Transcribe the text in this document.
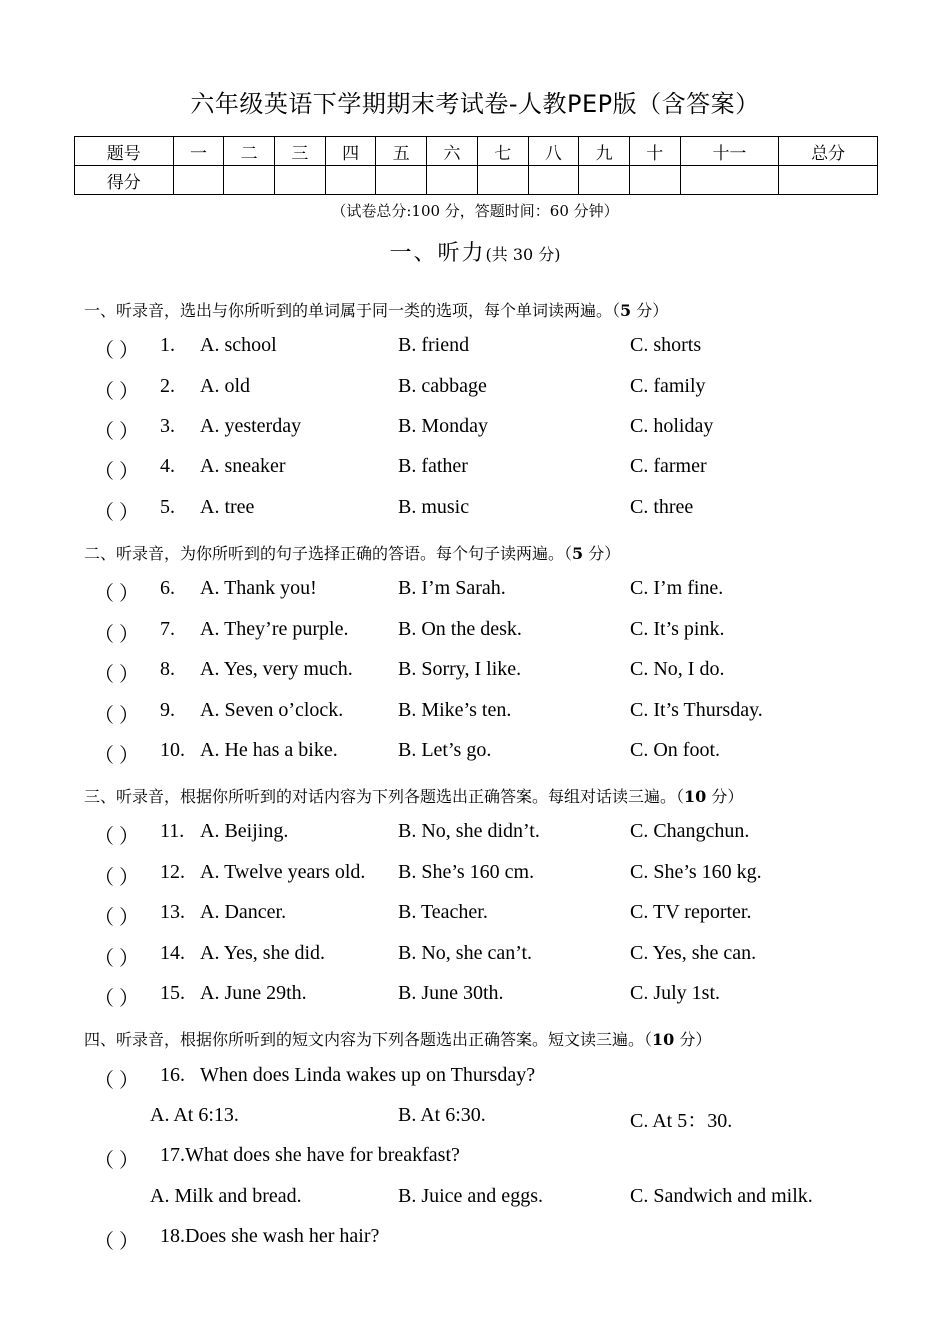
六年级英语下学期期末考试卷-人教PEP版（含答案）
题号	一	二	三	四	五	六	七	八	九	十	十一	总分
得分												
（试卷总分:100 分，答题时间：60 分钟）
一、听力(共 30 分)
一、听录音，选出与你所听到的单词属于同一类的选项，每个单词读两遍。（5 分）
（ ） 1. A. school	B. friend	C. shorts
（ ） 2. A. old	B. cabbage	C. family
（ ） 3. A. yesterday	B. Monday	C. holiday
（ ） 4. A. sneaker	B. father	C. farmer
（ ） 5. A. tree	B. music	C. three
二、听录音，为你所听到的句子选择正确的答语。每个句子读两遍。（5 分）
（ ） 6. A. Thank you!	B. I’m Sarah.	C. I’m fine.
（ ） 7. A. They’re purple. B. On the desk.	C. It’s pink.
（ ） 8. A. Yes, very much. B. Sorry, I like.	C. No, I do.
（ ） 9. A. Seven o’clock.	B. Mike’s ten.	C. It’s Thursday.
（ ） 10. A. He has a bike.	B. Let’s go.	C. On foot.
三、听录音，根据你所听到的对话内容为下列各题选出正确答案。每组对话读三遍。（10 分）
（ ） 11. A. Beijing.	B. No, she didn’t.	C. Changchun.
（ ） 12. A. Twelve years old. B. She’s 160 cm.	C. She’s 160 kg.
（ ） 13. A. Dancer.	B. Teacher.	C. TV reporter.
（ ） 14. A. Yes, she did.	B. No, she can’t.	C. Yes, she can.
（ ） 15. A. June 29th.	B. June 30th.	C. July 1st.
四、听录音，根据你所听到的短文内容为下列各题选出正确答案。短文读三遍。（10 分）
（ ） 16. When does Linda wakes up on Thursday?
A. At 6:13.	B. At 6:30.	C. At 5：30.
（ ） 17.What does she have for breakfast?
A. Milk and bread.	B. Juice and eggs.	C. Sandwich and milk.
（ ） 18.Does she wash her hair?
